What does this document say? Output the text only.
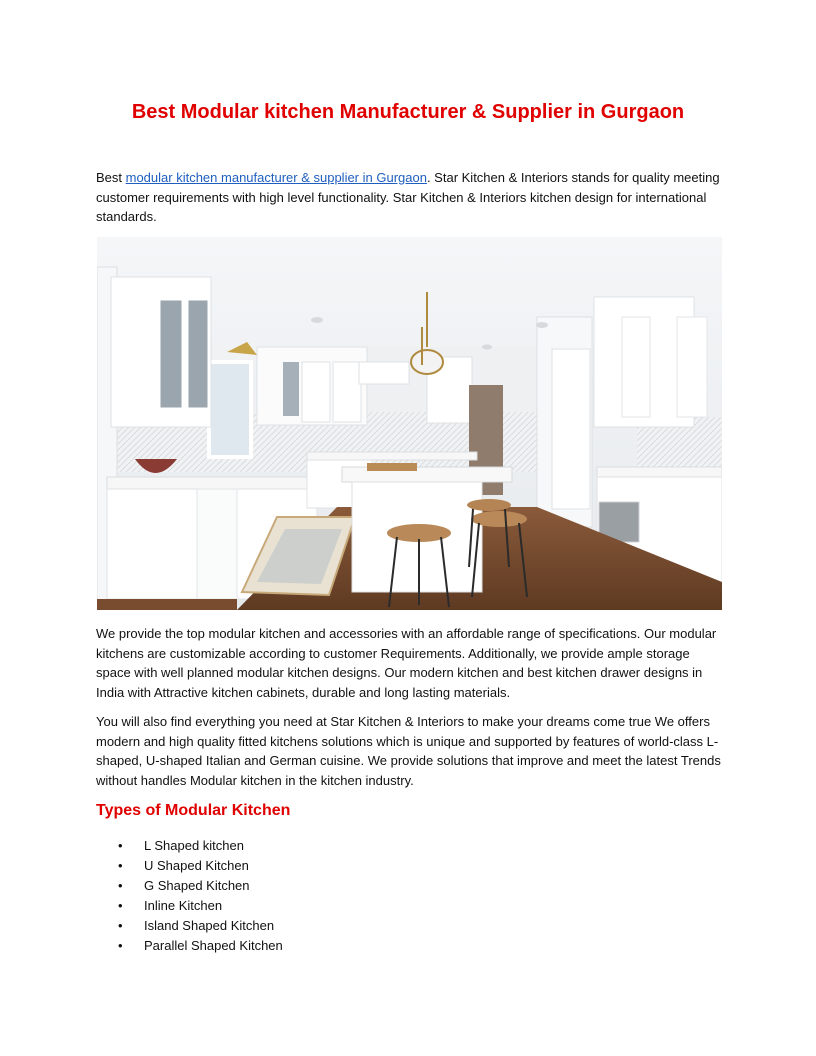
Best Modular kitchen Manufacturer & Supplier in Gurgaon

Best modular kitchen manufacturer & supplier in Gurgaon. Star Kitchen & Interiors stands for quality meeting customer requirements with high level functionality. Star Kitchen & Interiors kitchen design for international standards.

We provide the top modular kitchen and accessories with an affordable range of specifications. Our modular kitchens are customizable according to customer Requirements. Additionally, we provide ample storage space with well planned modular kitchen designs. Our modern kitchen and best kitchen drawer designs in India with Attractive kitchen cabinets, durable and long lasting materials.

You will also find everything you need at Star Kitchen & Interiors to make your dreams come true We offers modern and high quality fitted kitchens solutions which is unique and supported by features of world-class L-shaped, U-shaped Italian and German cuisine. We provide solutions that improve and meet the latest Trends without handles Modular kitchen in the kitchen industry.

Types of Modular Kitchen
• L Shaped kitchen
• U Shaped Kitchen
• G Shaped Kitchen
• Inline Kitchen
• Island Shaped Kitchen
• Parallel Shaped Kitchen
